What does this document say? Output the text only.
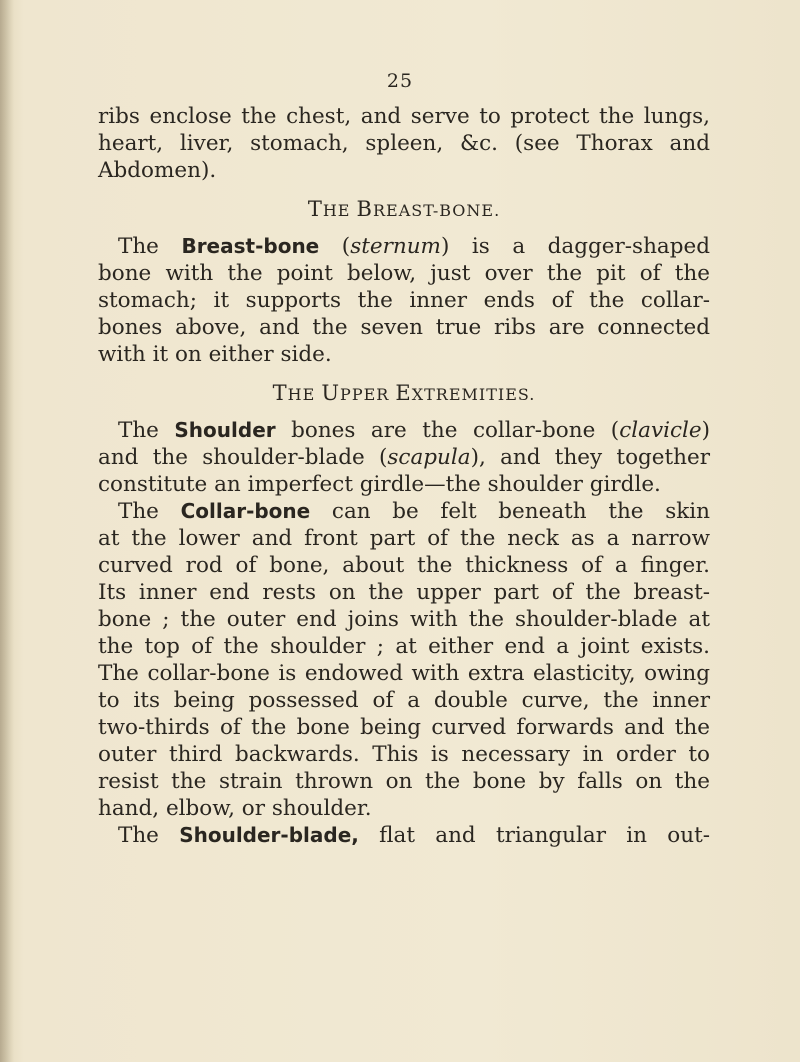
25
ribs enclose the chest, and serve to protect the lungs,
heart, liver, stomach, spleen, &c. (see Thorax and
Abdomen).
THE BREAST-BONE.
The Breast-bone (sternum) is a dagger-shaped
bone with the point below, just over the pit of the
stomach; it supports the inner ends of the collar-
bones above, and the seven true ribs are connected
with it on either side.
THE UPPER EXTREMITIES.
The Shoulder bones are the collar-bone (clavicle)
and the shoulder-blade (scapula), and they together
constitute an imperfect girdle—the shoulder girdle.
The Collar-bone can be felt beneath the skin
at the lower and front part of the neck as a narrow
curved rod of bone, about the thickness of a finger.
Its inner end rests on the upper part of the breast-
bone ; the outer end joins with the shoulder-blade at
the top of the shoulder ; at either end a joint exists.
The collar-bone is endowed with extra elasticity, owing
to its being possessed of a double curve, the inner
two-thirds of the bone being curved forwards and the
outer third backwards. This is necessary in order to
resist the strain thrown on the bone by falls on the
hand, elbow, or shoulder.
The Shoulder-blade, flat and triangular in out-
